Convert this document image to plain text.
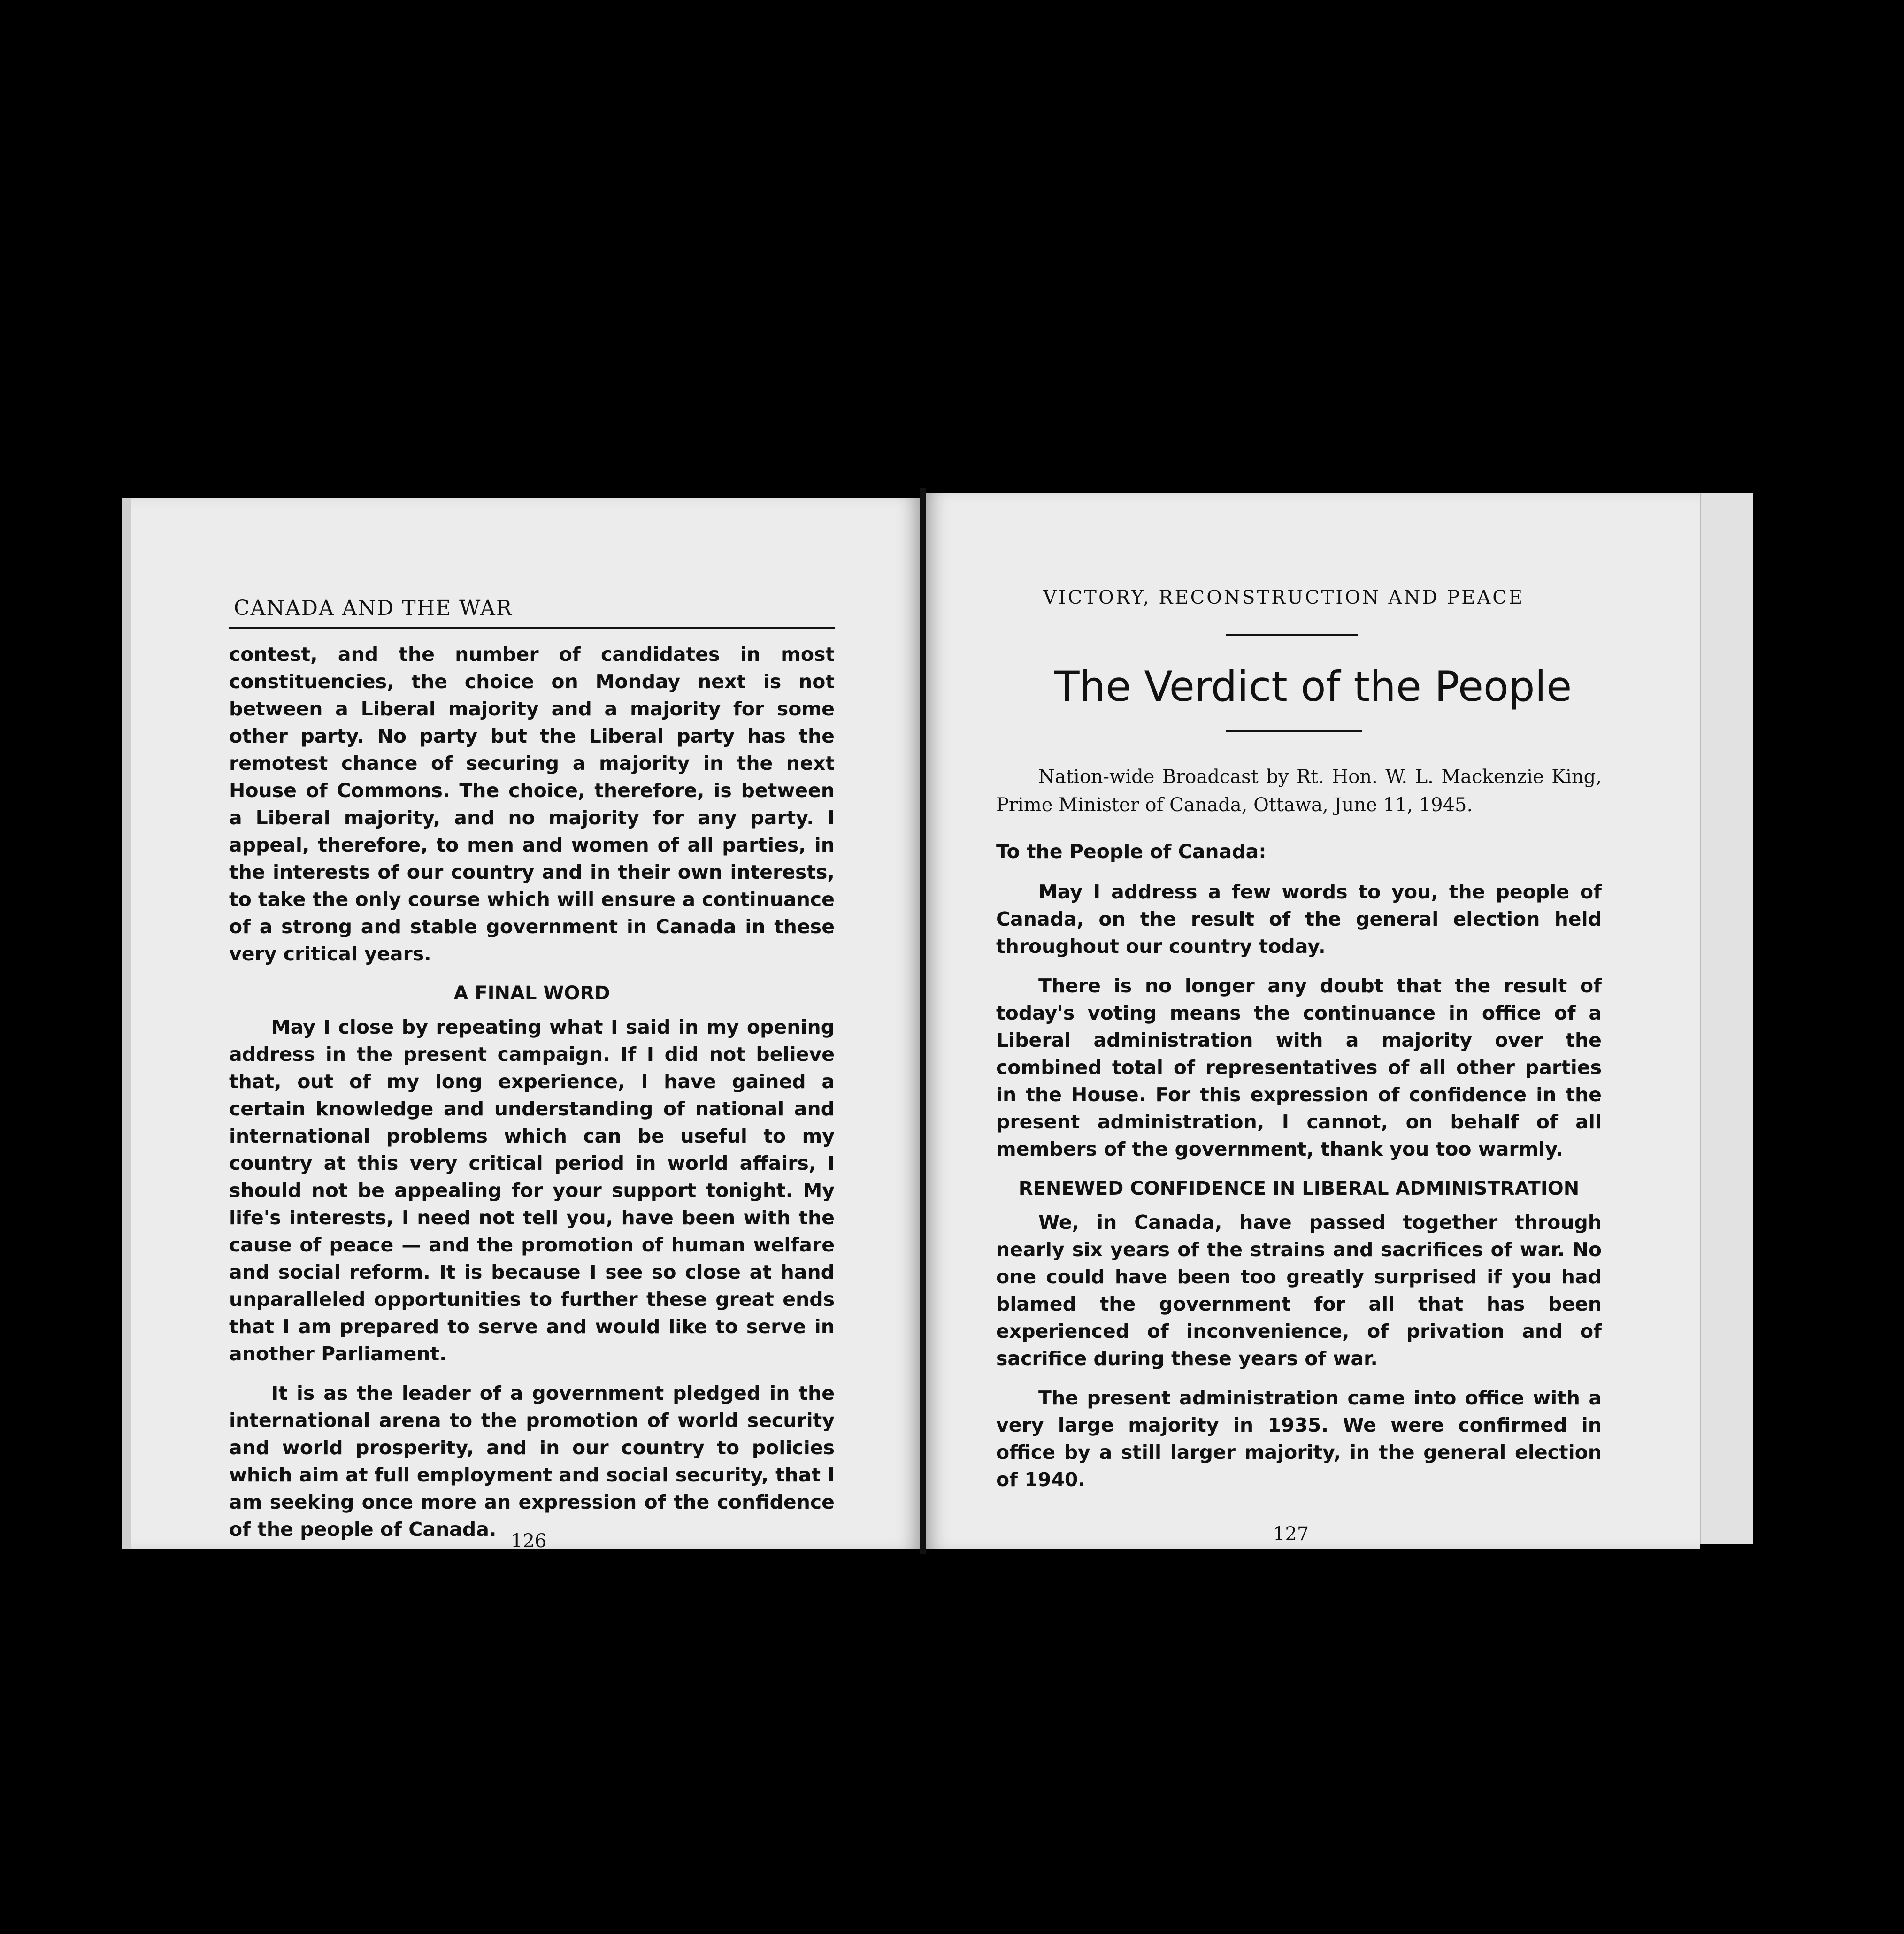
CANADA AND THE WAR

contest, and the number of candidates in most constituencies, the choice on Monday next is not between a Liberal majority and a majority for some other party. No party but the Liberal party has the remotest chance of securing a majority in the next House of Commons. The choice, therefore, is between a Liberal majority, and no majority for any party. I appeal, therefore, to men and women of all parties, in the interests of our country and in their own interests, to take the only course which will ensure a continuance of a strong and stable government in Canada in these very critical years.

A FINAL WORD

May I close by repeating what I said in my opening address in the present campaign. If I did not believe that, out of my long experience, I have gained a certain knowledge and understanding of national and international problems which can be useful to my country at this very critical period in world affairs, I should not be appealing for your support tonight. My life's interests, I need not tell you, have been with the cause of peace — and the promotion of human welfare and social reform. It is because I see so close at hand unparalleled opportunities to further these great ends that I am prepared to serve and would like to serve in another Parliament.

It is as the leader of a government pledged in the international arena to the promotion of world security and world prosperity, and in our country to policies which aim at full employment and social security, that I am seeking once more an expression of the confidence of the people of Canada.

126
VICTORY, RECONSTRUCTION AND PEACE
The Verdict of the People
Nation-wide Broadcast by Rt. Hon. W. L. Mackenzie King, Prime Minister of Canada, Ottawa, June 11, 1945.

To the People of Canada:

May I address a few words to you, the people of Canada, on the result of the general election held throughout our country today.

There is no longer any doubt that the result of today's voting means the continuance in office of a Liberal administration with a majority over the combined total of representatives of all other parties in the House. For this expression of confidence in the present administration, I cannot, on behalf of all members of the government, thank you too warmly.

RENEWED CONFIDENCE IN LIBERAL ADMINISTRATION

We, in Canada, have passed together through nearly six years of the strains and sacrifices of war. No one could have been too greatly surprised if you had blamed the government for all that has been experienced of inconvenience, of privation and of sacrifice during these years of war.

The present administration came into office with a very large majority in 1935. We were confirmed in office by a still larger majority, in the general election of 1940.

127
